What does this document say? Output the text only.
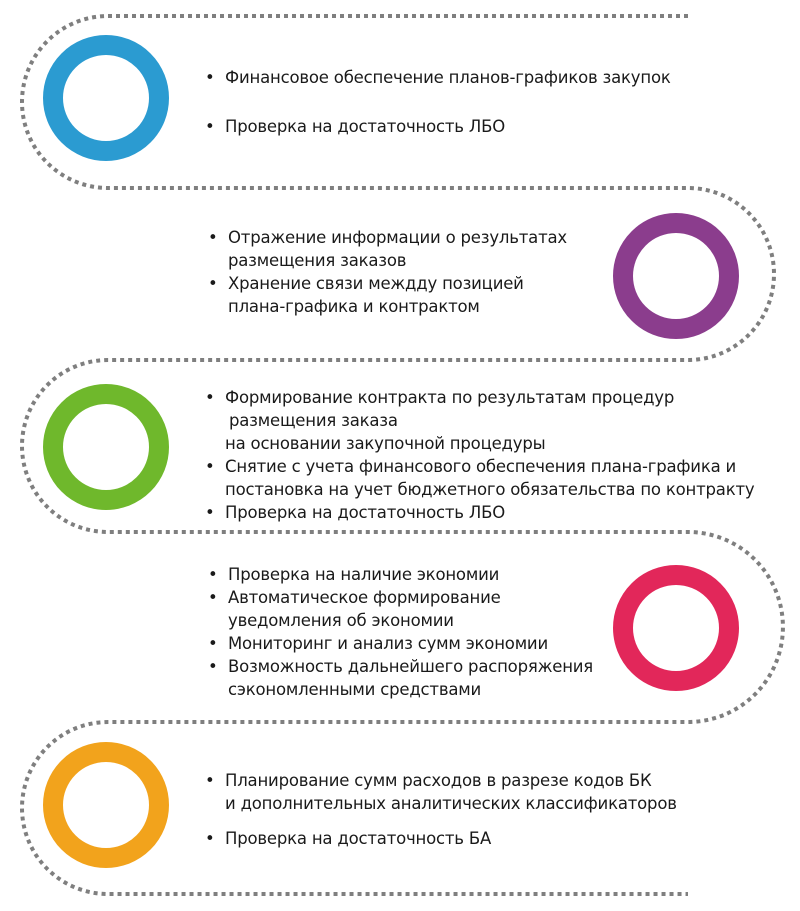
• Финансовое обеспечение планов-графиков закупок
• Проверка на достаточность ЛБО
• Отражение информации о результатах
размещения заказов
• Хранение связи междду позицией
плана-графика и контрактом
• Формирование контракта по результатам процедур
размещения заказа
на основании закупочной процедуры
• Снятие с учета финансового обеспечения плана-графика и
постановка на учет бюджетного обязательства по контракту
• Проверка на достаточность ЛБО
• Проверка на наличие экономии
• Автоматическое формирование
уведомления об экономии
• Мониторинг и анализ сумм экономии
• Возможность дальнейшего распоряжения
сэкономленными средствами
• Планирование сумм расходов в разрезе кодов БК
и дополнительных аналитических классификаторов
• Проверка на достаточность БА
